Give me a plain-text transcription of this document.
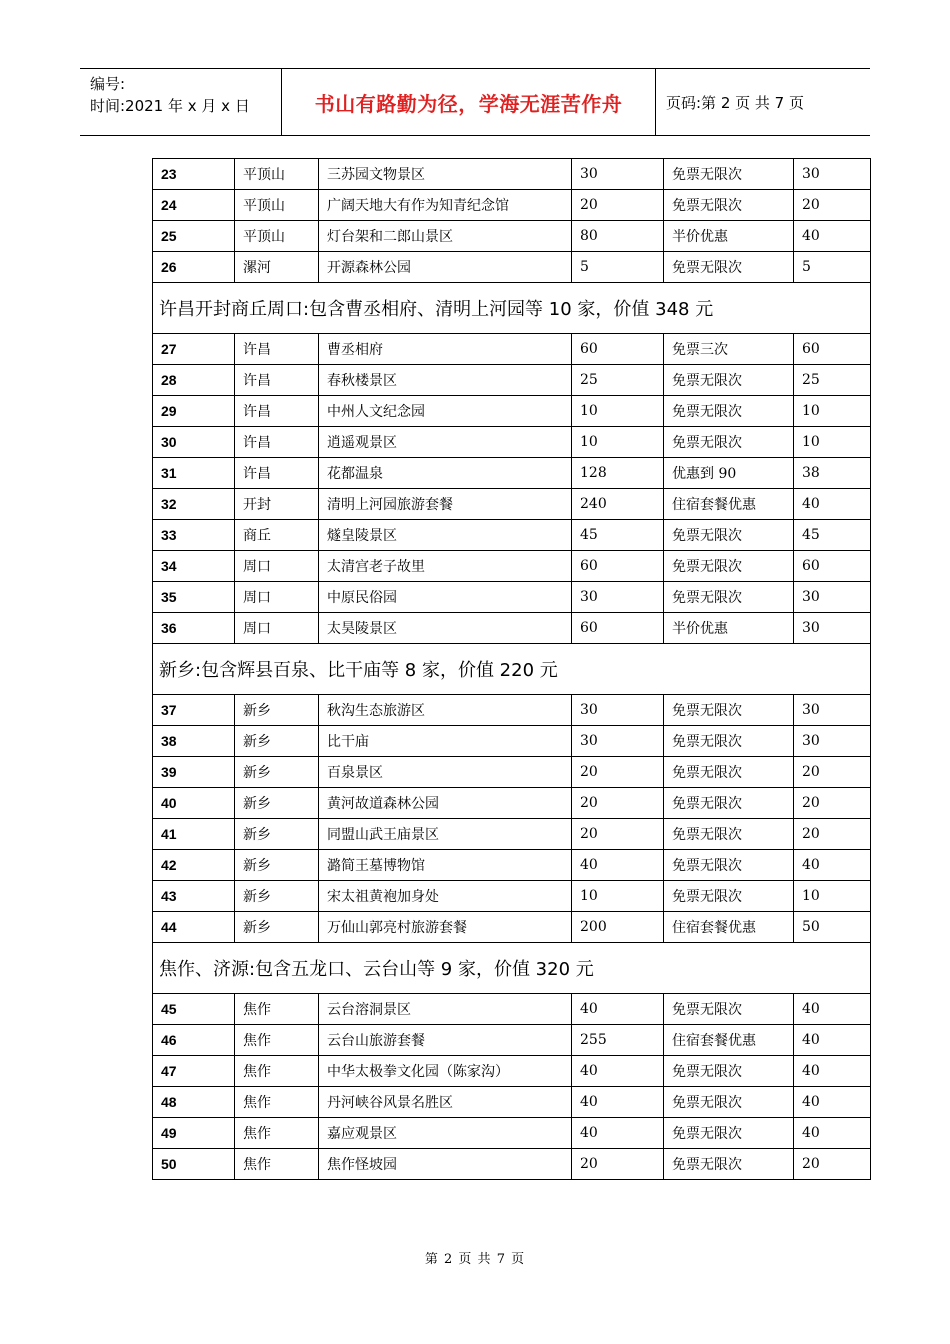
编号:
时间:2021 年 x 月 x 日	书山有路勤为径，学海无涯苦作舟	页码:第 2 页 共 7 页
23	平顶山	三苏园文物景区	30	免票无限次	30
24	平顶山	广阔天地大有作为知青纪念馆	20	免票无限次	20
25	平顶山	灯台架和二郎山景区	80	半价优惠	40
26	漯河	开源森林公园	5	免票无限次	5
许昌开封商丘周口:包含曹丞相府、清明上河园等 10 家，价值 348 元					
27	许昌	曹丞相府	60	免票三次	60
28	许昌	春秋楼景区	25	免票无限次	25
29	许昌	中州人文纪念园	10	免票无限次	10
30	许昌	逍遥观景区	10	免票无限次	10
31	许昌	花都温泉	128	优惠到 90	38
32	开封	清明上河园旅游套餐	240	住宿套餐优惠	40
33	商丘	燧皇陵景区	45	免票无限次	45
34	周口	太清宫老子故里	60	免票无限次	60
35	周口	中原民俗园	30	免票无限次	30
36	周口	太昊陵景区	60	半价优惠	30
新乡:包含辉县百泉、比干庙等 8 家，价值 220 元					
37	新乡	秋沟生态旅游区	30	免票无限次	30
38	新乡	比干庙	30	免票无限次	30
39	新乡	百泉景区	20	免票无限次	20
40	新乡	黄河故道森林公园	20	免票无限次	20
41	新乡	同盟山武王庙景区	20	免票无限次	20
42	新乡	潞简王墓博物馆	40	免票无限次	40
43	新乡	宋太祖黄袍加身处	10	免票无限次	10
44	新乡	万仙山郭亮村旅游套餐	200	住宿套餐优惠	50
焦作、济源:包含五龙口、云台山等 9 家，价值 320 元					
45	焦作	云台溶洞景区	40	免票无限次	40
46	焦作	云台山旅游套餐	255	住宿套餐优惠	40
47	焦作	中华太极拳文化园（陈家沟）	40	免票无限次	40
48	焦作	丹河峡谷风景名胜区	40	免票无限次	40
49	焦作	嘉应观景区	40	免票无限次	40
50	焦作	焦作怪坡园	20	免票无限次	20
第 2 页 共 7 页
